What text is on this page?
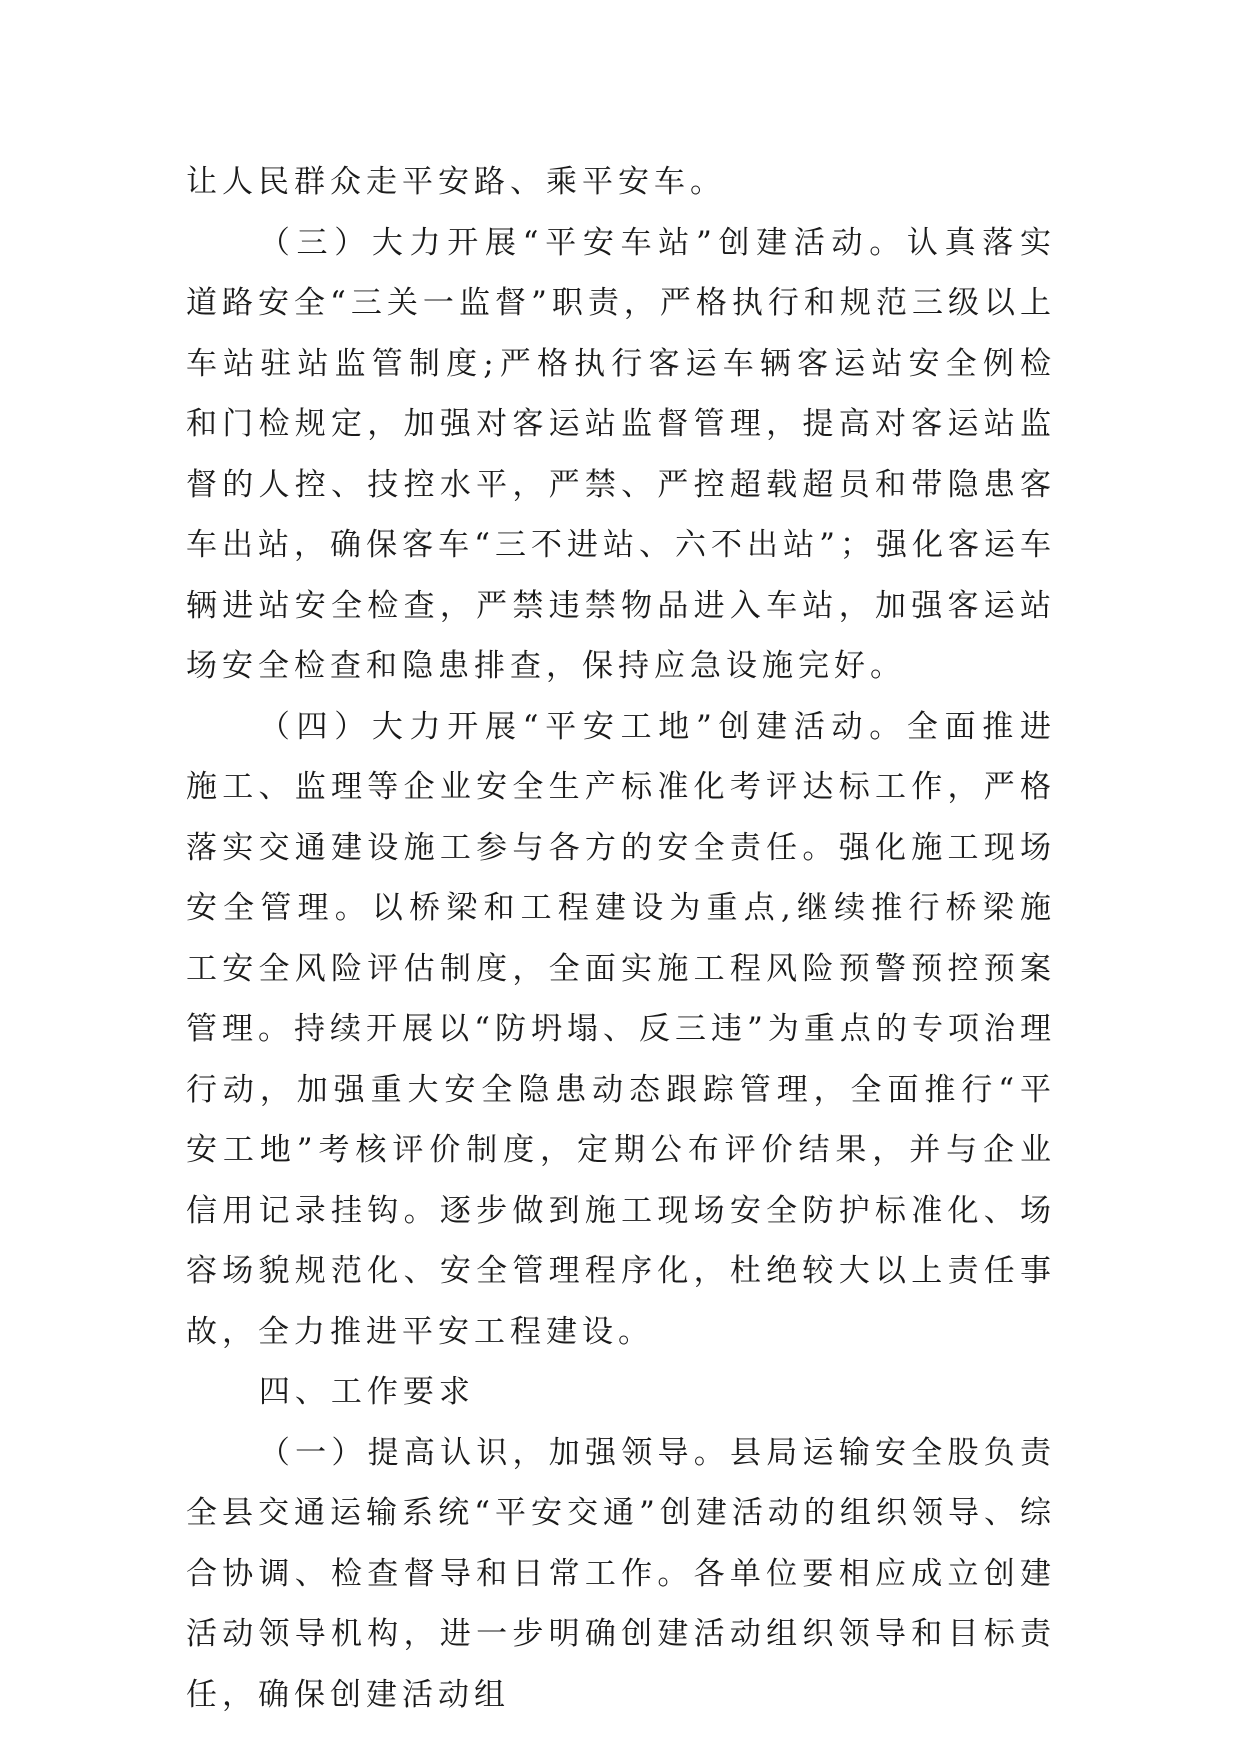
让人民群众走平安路、乘平安车。

（三）大力开展“平安车站”创建活动。认真落实道路安全“三关一监督”职责，严格执行和规范三级以上车站驻站监管制度;严格执行客运车辆客运站安全例检和门检规定，加强对客运站监督管理，提高对客运站监督的人控、技控水平，严禁、严控超载超员和带隐患客车出站，确保客车“三不进站、六不出站”；强化客运车辆进站安全检查，严禁违禁物品进入车站，加强客运站场安全检查和隐患排查，保持应急设施完好。

（四）大力开展“平安工地”创建活动。全面推进施工、监理等企业安全生产标准化考评达标工作，严格落实交通建设施工参与各方的安全责任。强化施工现场安全管理。以桥梁和工程建设为重点,继续推行桥梁施工安全风险评估制度，全面实施工程风险预警预控预案管理。持续开展以“防坍塌、反三违”为重点的专项治理行动，加强重大安全隐患动态跟踪管理，全面推行“平安工地”考核评价制度，定期公布评价结果，并与企业信用记录挂钩。逐步做到施工现场安全防护标准化、场容场貌规范化、安全管理程序化，杜绝较大以上责任事故，全力推进平安工程建设。

四、工作要求

（一）提高认识，加强领导。县局运输安全股负责全县交通运输系统“平安交通”创建活动的组织领导、综合协调、检查督导和日常工作。各单位要相应成立创建活动领导机构，进一步明确创建活动组织领导和目标责任，确保创建活动组
